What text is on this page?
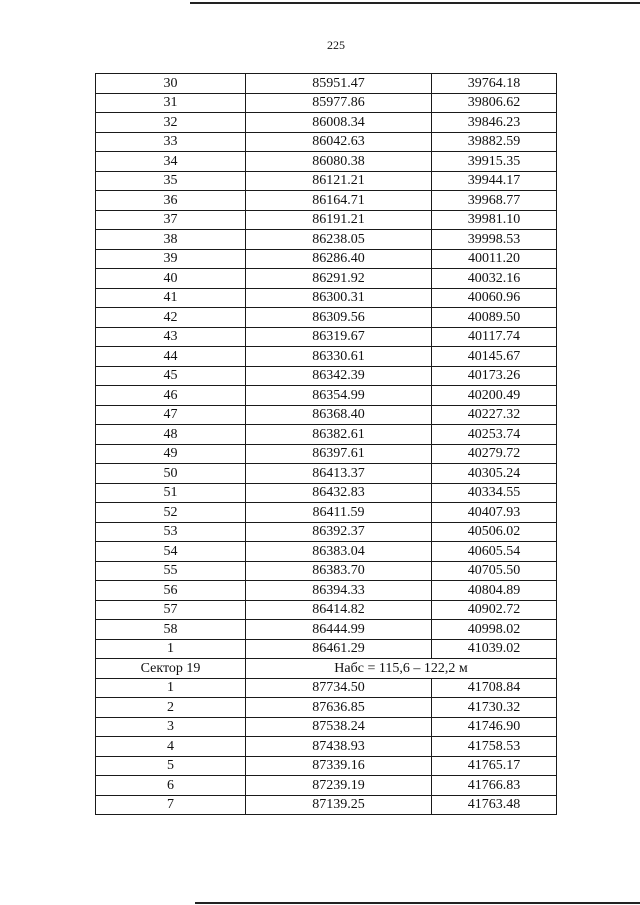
225
30	85951.47	39764.18
31	85977.86	39806.62
32	86008.34	39846.23
33	86042.63	39882.59
34	86080.38	39915.35
35	86121.21	39944.17
36	86164.71	39968.77
37	86191.21	39981.10
38	86238.05	39998.53
39	86286.40	40011.20
40	86291.92	40032.16
41	86300.31	40060.96
42	86309.56	40089.50
43	86319.67	40117.74
44	86330.61	40145.67
45	86342.39	40173.26
46	86354.99	40200.49
47	86368.40	40227.32
48	86382.61	40253.74
49	86397.61	40279.72
50	86413.37	40305.24
51	86432.83	40334.55
52	86411.59	40407.93
53	86392.37	40506.02
54	86383.04	40605.54
55	86383.70	40705.50
56	86394.33	40804.89
57	86414.82	40902.72
58	86444.99	40998.02
1	86461.29	41039.02
Сектор 19	Набс = 115,6 – 122,2 м	
1	87734.50	41708.84
2	87636.85	41730.32
3	87538.24	41746.90
4	87438.93	41758.53
5	87339.16	41765.17
6	87239.19	41766.83
7	87139.25	41763.48
